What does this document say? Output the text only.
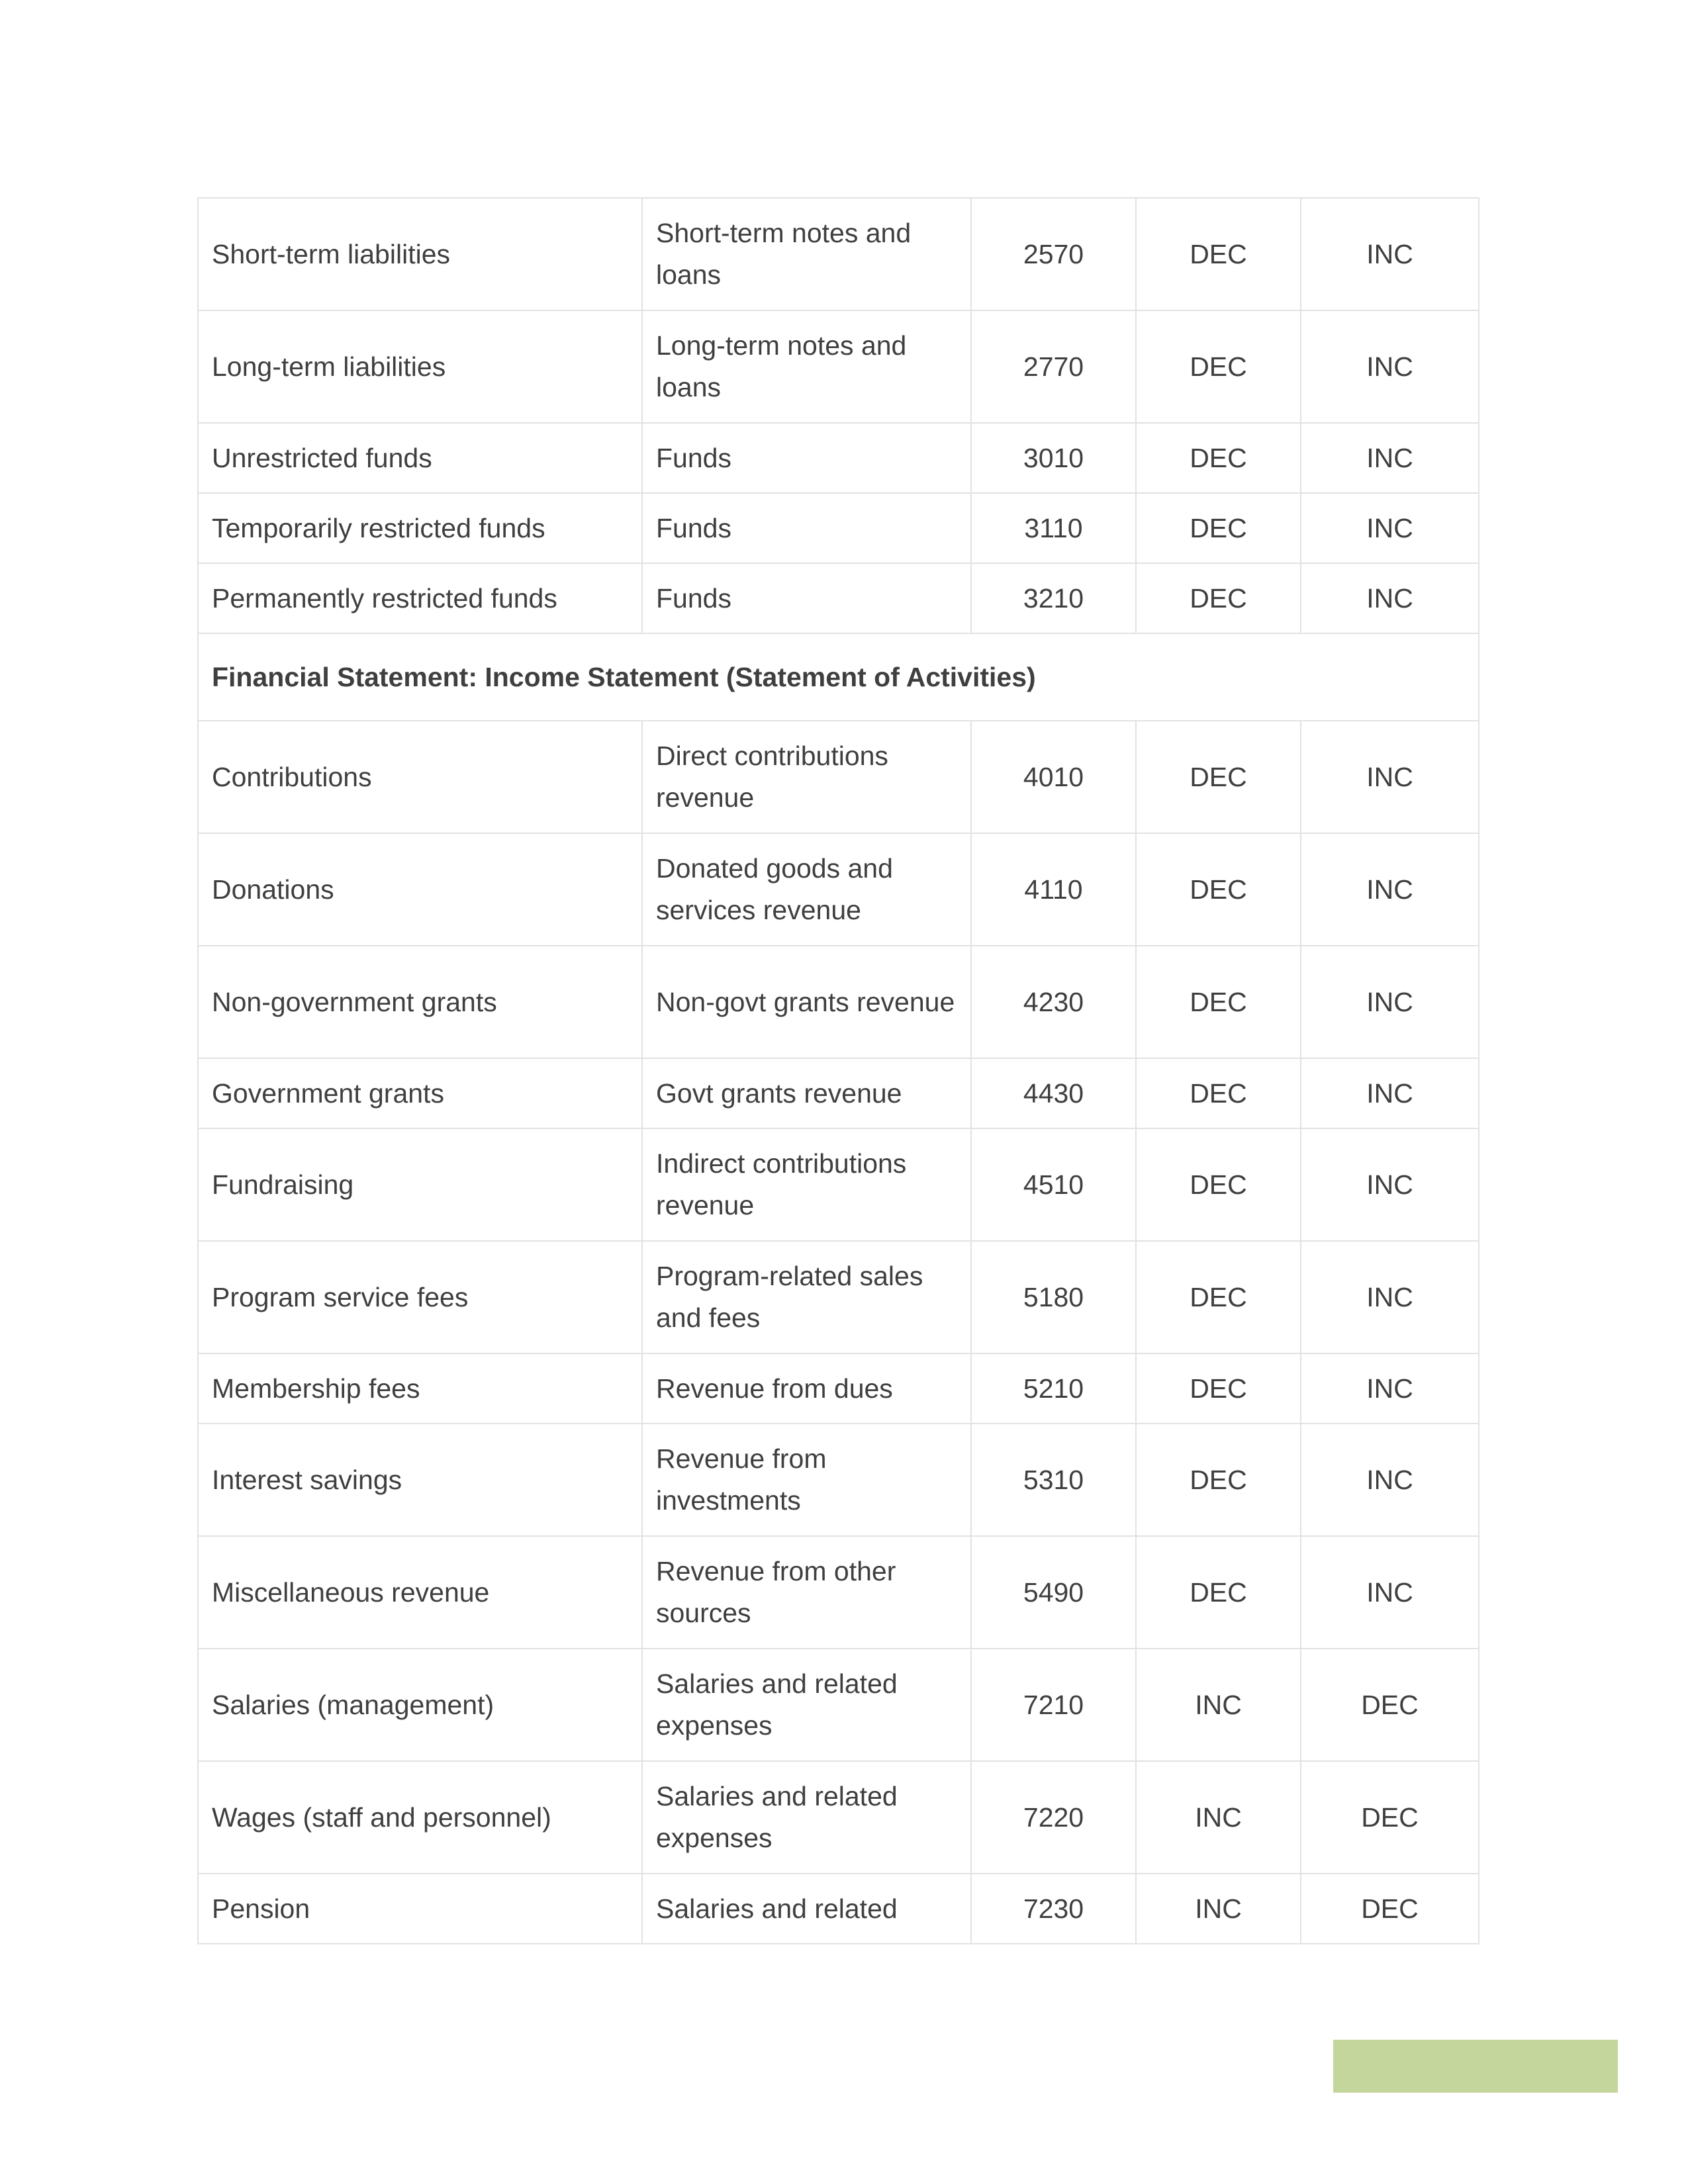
Short-term liabilities	Short-term notes and loans	2570	DEC	INC
Long-term liabilities	Long-term notes and loans	2770	DEC	INC
Unrestricted funds	Funds	3010	DEC	INC
Temporarily restricted funds	Funds	3110	DEC	INC
Permanently restricted funds	Funds	3210	DEC	INC
Financial Statement: Income Statement (Statement of Activities)				
Contributions	Direct contributions revenue	4010	DEC	INC
Donations	Donated goods and services revenue	4110	DEC	INC
Non-government grants	Non-govt grants revenue	4230	DEC	INC
Government grants	Govt grants revenue	4430	DEC	INC
Fundraising	Indirect contributions revenue	4510	DEC	INC
Program service fees	Program-related sales and fees	5180	DEC	INC
Membership fees	Revenue from dues	5210	DEC	INC
Interest savings	Revenue from investments	5310	DEC	INC
Miscellaneous revenue	Revenue from other sources	5490	DEC	INC
Salaries (management)	Salaries and related expenses	7210	INC	DEC
Wages (staff and personnel)	Salaries and related expenses	7220	INC	DEC
Pension	Salaries and related	7230	INC	DEC
